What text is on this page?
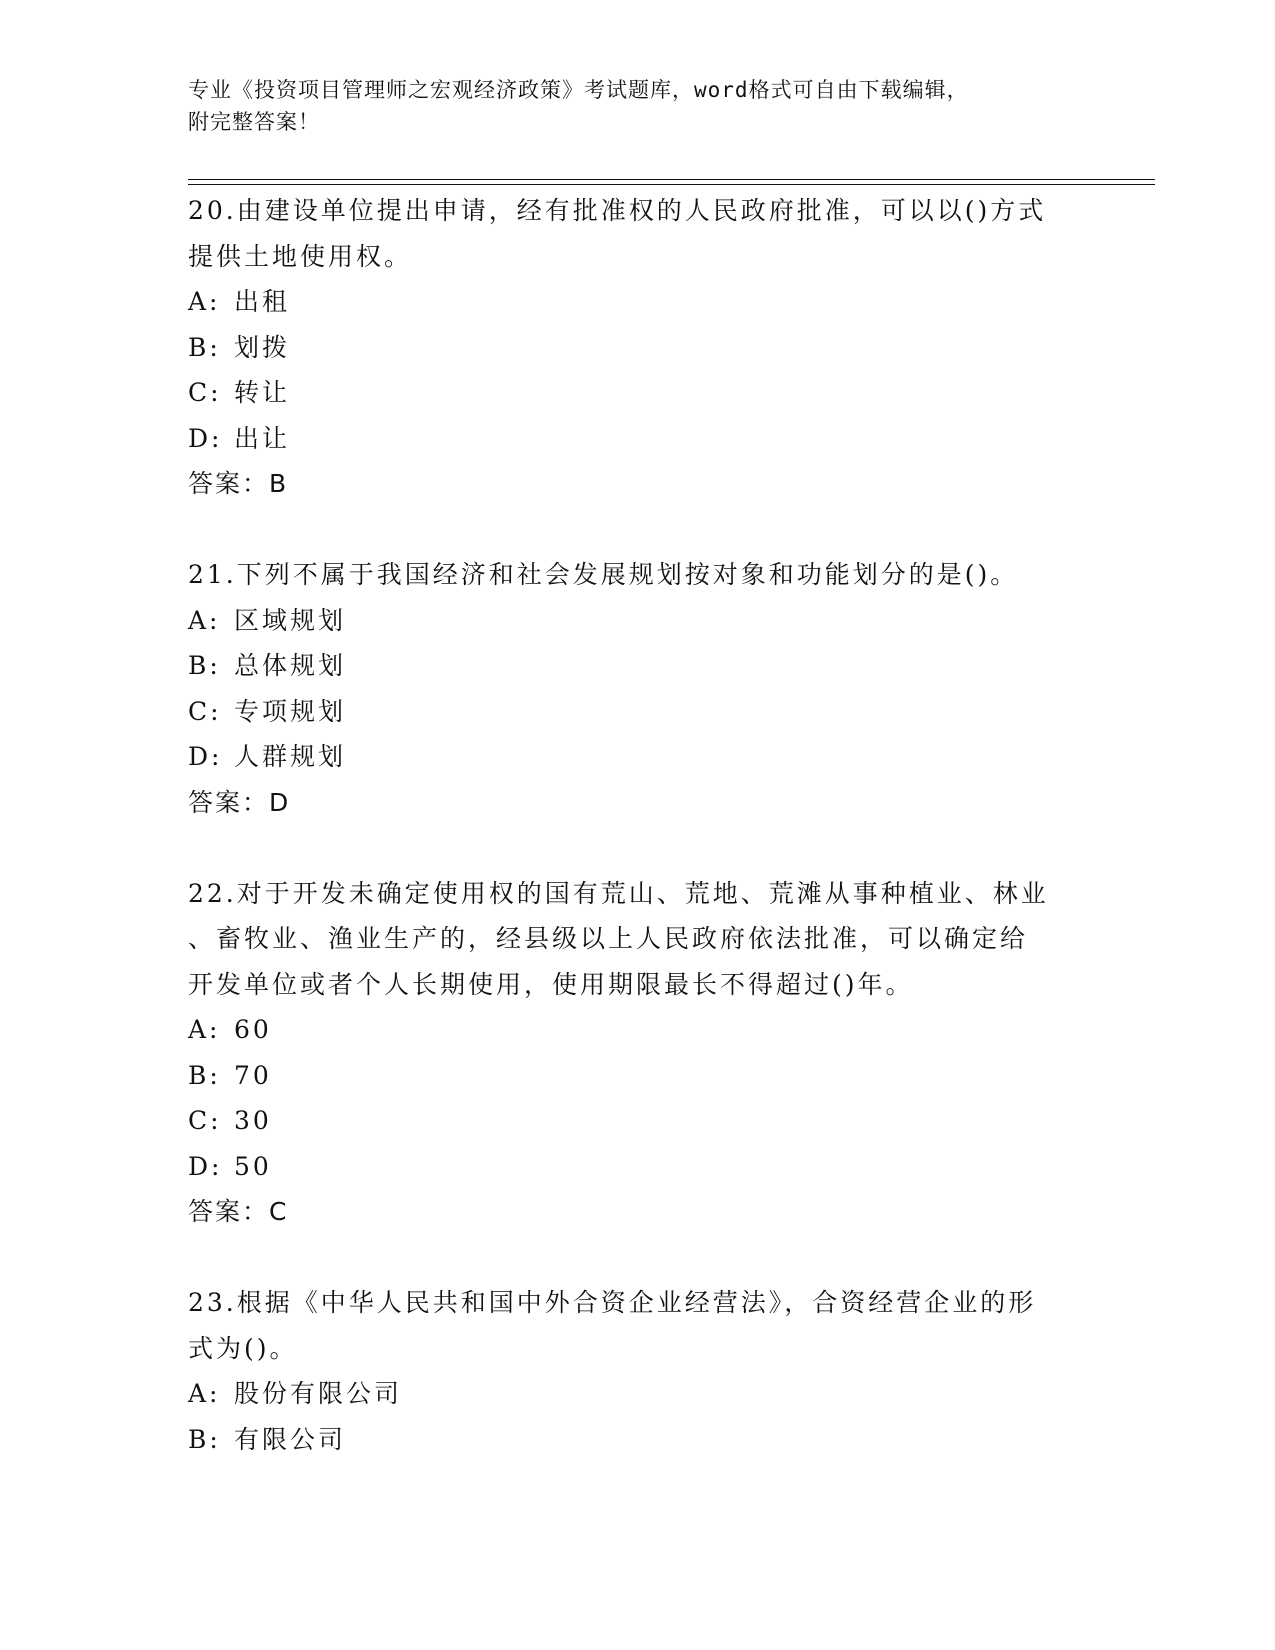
专业《投资项目管理师之宏观经济政策》考试题库，word格式可自由下载编辑，
附完整答案！
20.由建设单位提出申请，经有批准权的人民政府批准，可以以()方式
提供土地使用权。
A: 出租
B: 划拨
C: 转让
D: 出让
答案：B
21.下列不属于我国经济和社会发展规划按对象和功能划分的是()。
A: 区域规划
B: 总体规划
C: 专项规划
D: 人群规划
答案：D
22.对于开发未确定使用权的国有荒山、荒地、荒滩从事种植业、林业
、畜牧业、渔业生产的，经县级以上人民政府依法批准，可以确定给
开发单位或者个人长期使用，使用期限最长不得超过()年。
A: 60
B: 70
C: 30
D: 50
答案：C
23.根据《中华人民共和国中外合资企业经营法》，合资经营企业的形
式为()。
A: 股份有限公司
B: 有限公司
